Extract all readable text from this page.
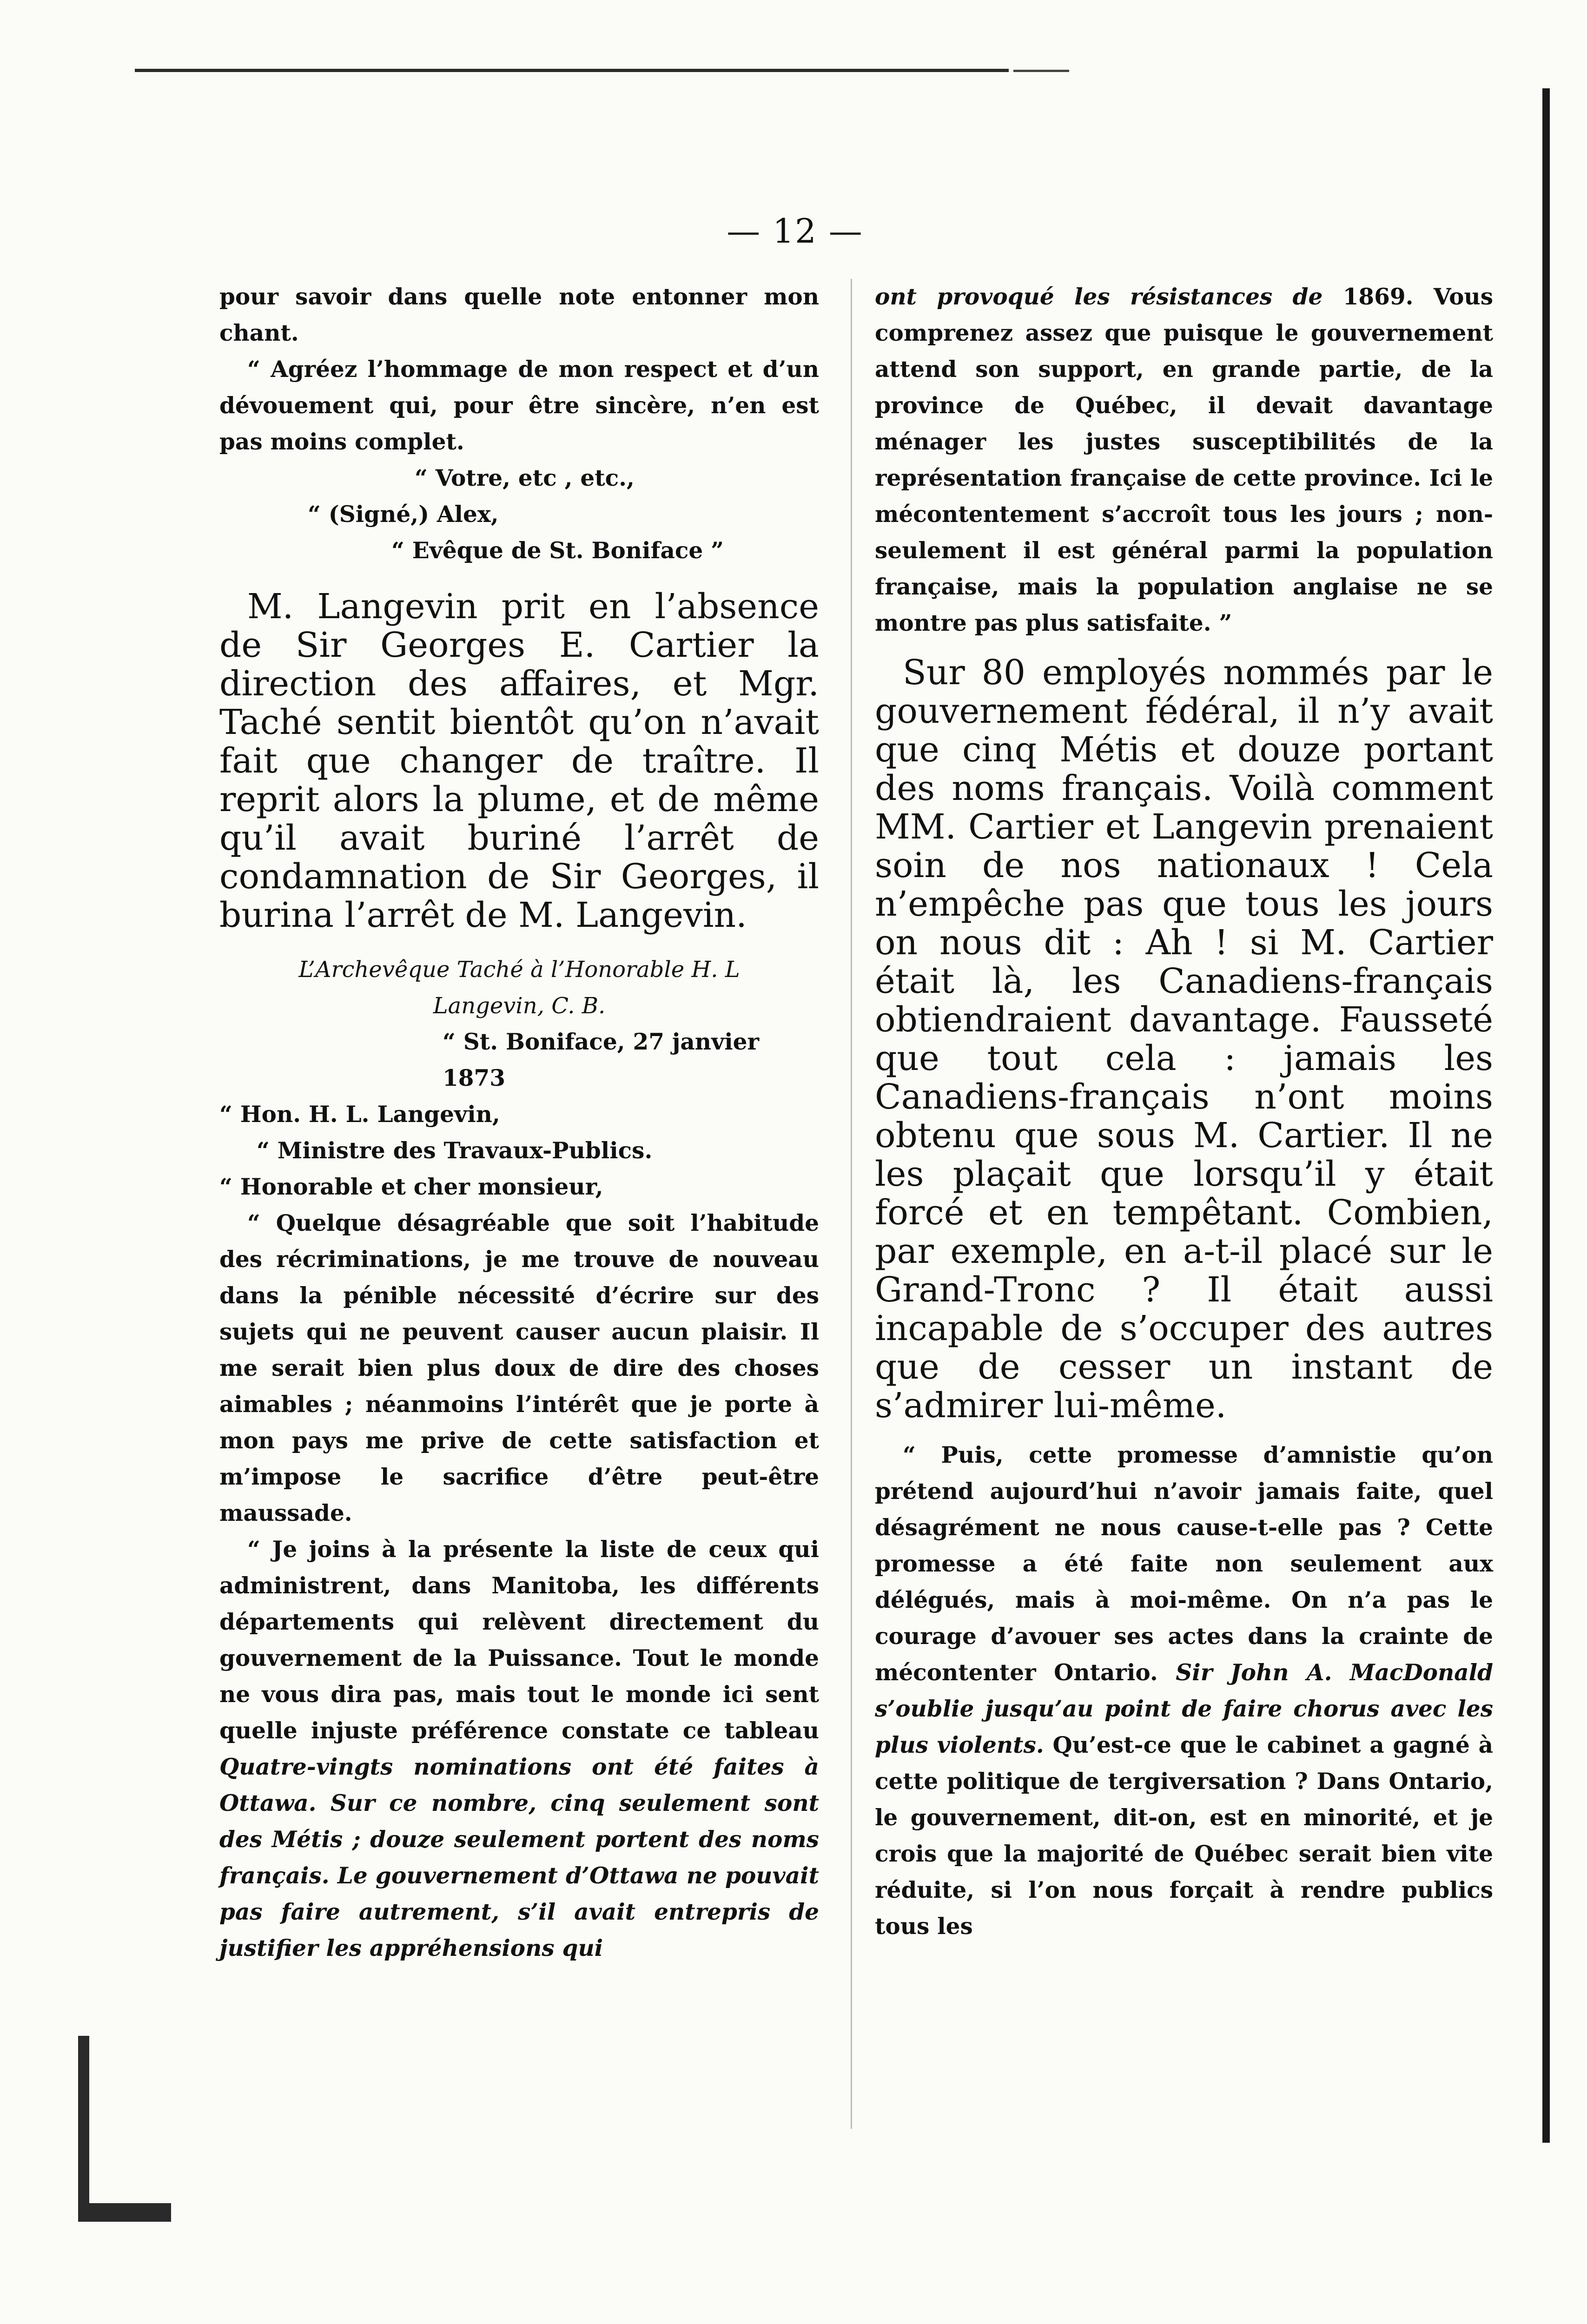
— 12 —

pour savoir dans quelle note entonner mon chant.

“ Agréez l’hommage de mon respect et d’un dévouement qui, pour être sincère, n’en est pas moins complet.

“ Votre, etc , etc.,
“ (Signé,) Alex,
“ Evêque de St. Boniface ”

M. Langevin prit en l’absence de Sir Georges E. Cartier la direction des affaires, et Mgr. Taché sentit bientôt qu’on n’avait fait que changer de traître. Il reprit alors la plume, et de même qu’il avait buriné l’arrêt de condamnation de Sir Georges, il burina l’arrêt de M. Langevin.

L’Archevêque Taché à l’Honorable H. L
Langevin, C. B.
“ St. Boniface, 27 janvier 1873
“ Hon. H. L. Langevin,
“ Ministre des Travaux-Publics.
“ Honorable et cher monsieur,

“ Quelque désagréable que soit l’habitude des récriminations, je me trouve de nouveau dans la pénible nécessité d’écrire sur des sujets qui ne peuvent causer aucun plaisir. Il me serait bien plus doux de dire des choses aimables ; néanmoins l’intérêt que je porte à mon pays me prive de cette satisfaction et m’impose le sacrifice d’être peut-être maussade.

“ Je joins à la présente la liste de ceux qui administrent, dans Manitoba, les différents départements qui relèvent directement du gouvernement de la Puissance. Tout le monde ne vous dira pas, mais tout le monde ici sent quelle injuste préférence constate ce tableau Quatre-vingts nominations ont été faites à Ottawa. Sur ce nombre, cinq seulement sont des Métis ; douze seulement portent des noms français. Le gouvernement d’Ottawa ne pouvait pas faire autrement, s’il avait entrepris de justifier les appréhensions qui

ont provoqué les résistances de 1869. Vous comprenez assez que puisque le gouvernement attend son support, en grande partie, de la province de Québec, il devait davantage ménager les justes susceptibilités de la représentation française de cette province. Ici le mécontentement s’accroît tous les jours ; non-seulement il est général parmi la population française, mais la population anglaise ne se montre pas plus satisfaite. ”

Sur 80 employés nommés par le gouvernement fédéral, il n’y avait que cinq Métis et douze portant des noms français. Voilà comment MM. Cartier et Langevin prenaient soin de nos nationaux ! Cela n’empêche pas que tous les jours on nous dit : Ah ! si M. Cartier était là, les Canadiens-français obtiendraient davantage. Fausseté que tout cela : jamais les Canadiens-français n’ont moins obtenu que sous M. Cartier. Il ne les plaçait que lorsqu’il y était forcé et en tempêtant. Combien, par exemple, en a-t-il placé sur le Grand-Tronc ? Il était aussi incapable de s’occuper des autres que de cesser un instant de s’admirer lui-même.

“ Puis, cette promesse d’amnistie qu’on prétend aujourd’hui n’avoir jamais faite, quel désagrément ne nous cause-t-elle pas ? Cette promesse a été faite non seulement aux délégués, mais à moi-même. On n’a pas le courage d’avouer ses actes dans la crainte de mécontenter Ontario. Sir John A. MacDonald s’oublie jusqu’au point de faire chorus avec les plus violents. Qu’est-ce que le cabinet a gagné à cette politique de tergiversation ? Dans Ontario, le gouvernement, dit-on, est en minorité, et je crois que la majorité de Québec serait bien vite réduite, si l’on nous forçait à rendre publics tous les
